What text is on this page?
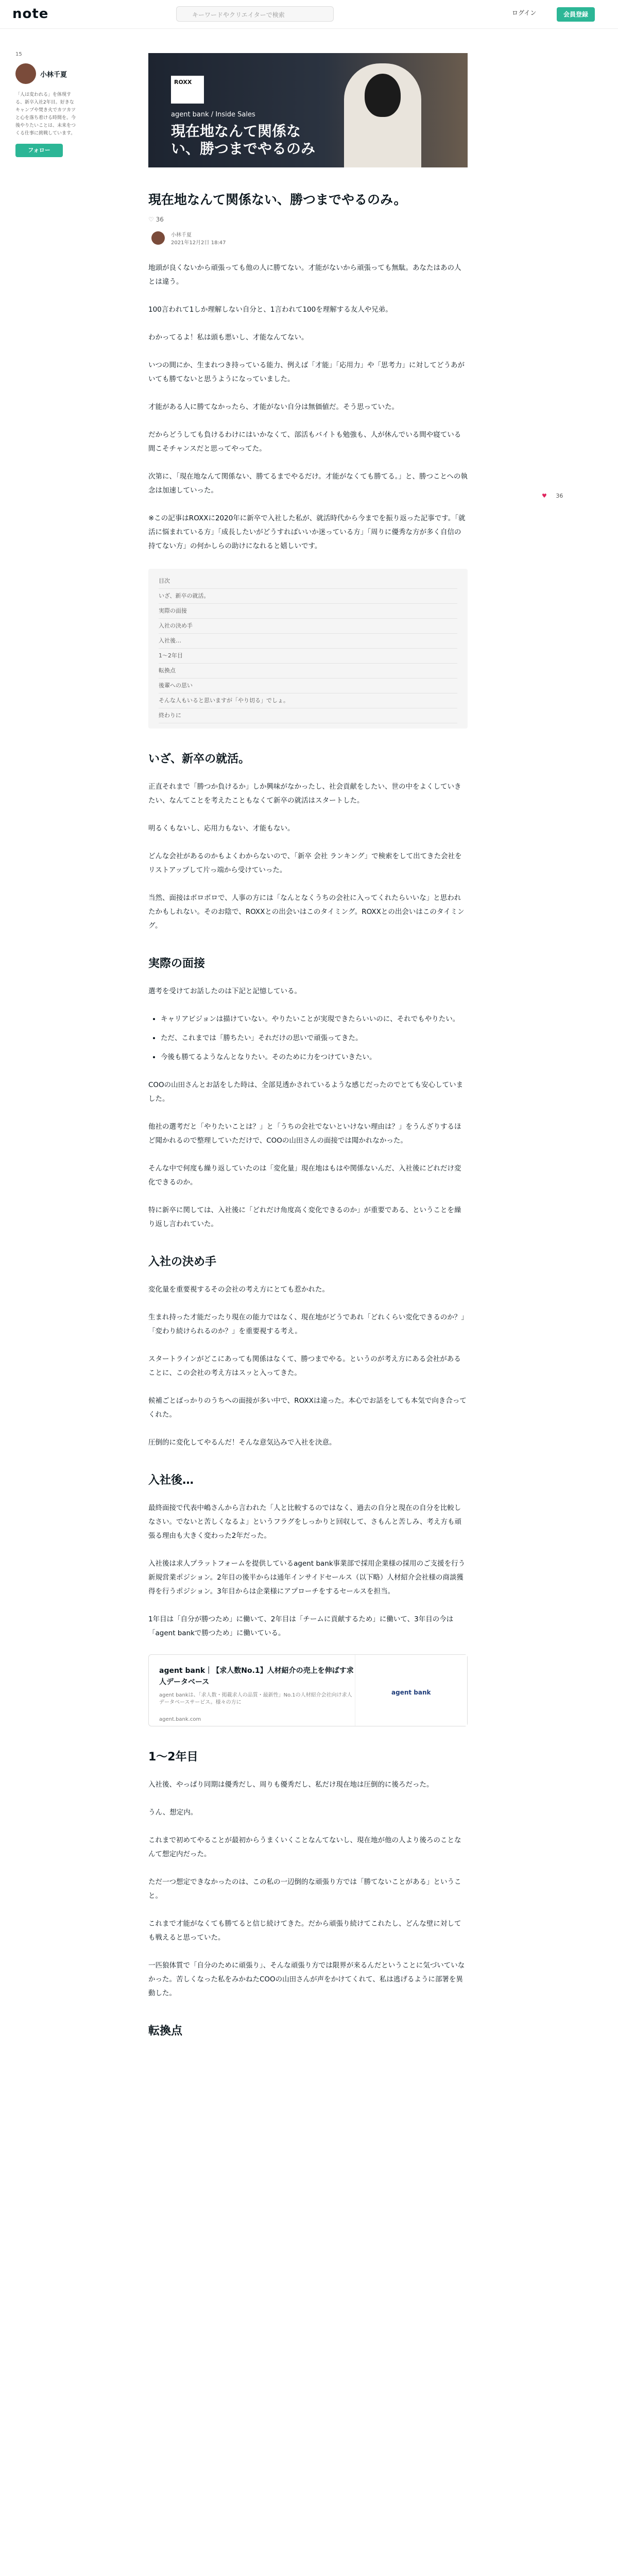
note	キーワードやクリエイターで検索	ログイン	会員登録
15
小林千夏
「人は変われる」を体現する、新卒入社2年目。好きなキャンプや焚き火でカツカツと心を落ち着ける時間を。今後やりたいことは、未来をつくる仕事に挑戦しています。
フォロー
ROXX
agent bank / Inside Sales
現在地なんて関係ない、勝つまでやるのみ
現在地なんて関係ない、勝つまでやるのみ。
♡ 36
小林千夏
2021年12月2日 18:47

地頭が良くないから頑張っても他の人に勝てない。才能がないから頑張っても無駄。あなたはあの人とは違う。

100言われて1しか理解しない自分と、1言われて100を理解する友人や兄弟。

わかってるよ！私は頭も悪いし、才能なんてない。

いつの間にか、生まれつき持っている能力、例えば「才能」「応用力」や「思考力」に対してどうあがいても勝てないと思うようになっていました。

才能がある人に勝てなかったら、才能がない自分は無価値だ。そう思っていた。

だからどうしても負けるわけにはいかなくて、部活もバイトも勉強も、人が休んでいる間や寝ている間こそチャンスだと思ってやってた。

次第に、「現在地なんて関係ない、勝てるまでやるだけ。才能がなくても勝てる。」と、勝つことへの執念は加速していった。

※この記事はROXXに2020年に新卒で入社した私が、就活時代から今までを振り返った記事です。「就活に悩まれている方」「成長したいがどうすればいいか迷っている方」「周りに優秀な方が多く自信の持てない方」の何かしらの助けになれると嬉しいです。

目次
いざ、新卒の就活。
実際の面接
入社の決め手
入社後…
1〜2年目
転換点
後輩への思い
そんな人もいると思いますが「やり切る」でしょ。
終わりに
いざ、新卒の就活。

正直それまで「勝つか負けるか」しか興味がなかったし、社会貢献をしたい、世の中をよくしていきたい、なんてことを考えたこともなくて新卒の就活はスタートした。

明るくもないし、応用力もない、才能もない。

どんな会社があるのかもよくわからないので、「新卒 会社 ランキング」で検索をして出てきた会社をリストアップして片っ端から受けていった。

当然、面接はボロボロで、人事の方には「なんとなくうちの会社に入ってくれたらいいな」と思われたかもしれない。そのお陰で、ROXXとの出会いはこのタイミング。ROXXとの出会いはこのタイミング。

実際の面接

選考を受けてお話したのは下記と記憶している。

• キャリアビジョンは描けていない。やりたいことが実現できたらいいのに、それでもやりたい。
• ただ、これまでは「勝ちたい」それだけの思いで頑張ってきた。
• 今後も勝てるようなんとなりたい。そのために力をつけていきたい。

COOの山田さんとお話をした時は、全部見透かされているような感じだったのでとても安心していました。

他社の選考だと「やりたいことは？」と「うちの会社でないといけない理由は？」をうんざりするほど聞かれるので整理していただけで、COOの山田さんの面接では聞かれなかった。

そんな中で何度も繰り返していたのは「変化量」現在地はもはや関係ないんだ、入社後にどれだけ変化できるのか。

特に新卒に関しては、入社後に「どれだけ角度高く変化できるのか」が重要である、ということを繰り返し言われていた。

入社の決め手

変化量を重要視するその会社の考え方にとても惹かれた。

生まれ持った才能だったり現在の能力ではなく、現在地がどうであれ「どれくらい変化できるのか？」「変わり続けられるのか？」を重要視する考え。

スタートラインがどこにあっても関係はなくて、勝つまでやる。というのが考え方にある会社があることに、この会社の考え方はスッと入ってきた。

候補ごとばっかりのうちへの面接が多い中で、ROXXは違った。本心でお話をしても本気で向き合ってくれた。

圧倒的に変化してやるんだ！そんな意気込みで入社を決意。

入社後…

最終面接で代表中嶋さんから言われた「人と比較するのではなく、過去の自分と現在の自分を比較しなさい。でないと苦しくなるよ」というフラグをしっかりと回収して、さもんと苦しみ、考え方も頑張る理由も大きく変わった2年だった。

入社後は求人プラットフォームを提供しているagent bank事業部で採用企業様の採用のご支援を行う新規営業ポジション。2年目の後半からは通年インサイドセールス（以下略）人材紹介会社様の商談獲得を行うポジション。3年目からは企業様にアプローチをするセールスを担当。

1年目は「自分が勝つため」に働いて、2年目は「チームに貢献するため」に働いて、3年目の今は「agent bankで勝つため」に働いている。

agent bank｜【求人数No.1】人材紹介の売上を伸ばす求人データベース
agent bankは、「求人数・掲載求人の品質・最新性」No.1の人材紹介会社向け求人データベースサービス。様々の方に
agent.bank.com
agent bank
1〜2年目

入社後、やっぱり同期は優秀だし、周りも優秀だし、私だけ現在地は圧倒的に後ろだった。

うん、想定内。

これまで初めてやることが最初からうまくいくことなんてないし、現在地が他の人より後ろのことなんて想定内だった。

ただ一つ想定できなかったのは、この私の一辺倒的な頑張り方では「勝てないことがある」ということ。

これまで才能がなくても勝てると信じ続けてきた。だから頑張り続けてこれたし、どんな壁に対しても戦えると思っていた。

一匹狼体質で「自分のために頑張り」、そんな頑張り方では限界が来るんだということに気づいていなかった。苦しくなった私をみかねたCOOの山田さんが声をかけてくれて、私は逃げるように部署を異動した。

転換点
♥ 36
